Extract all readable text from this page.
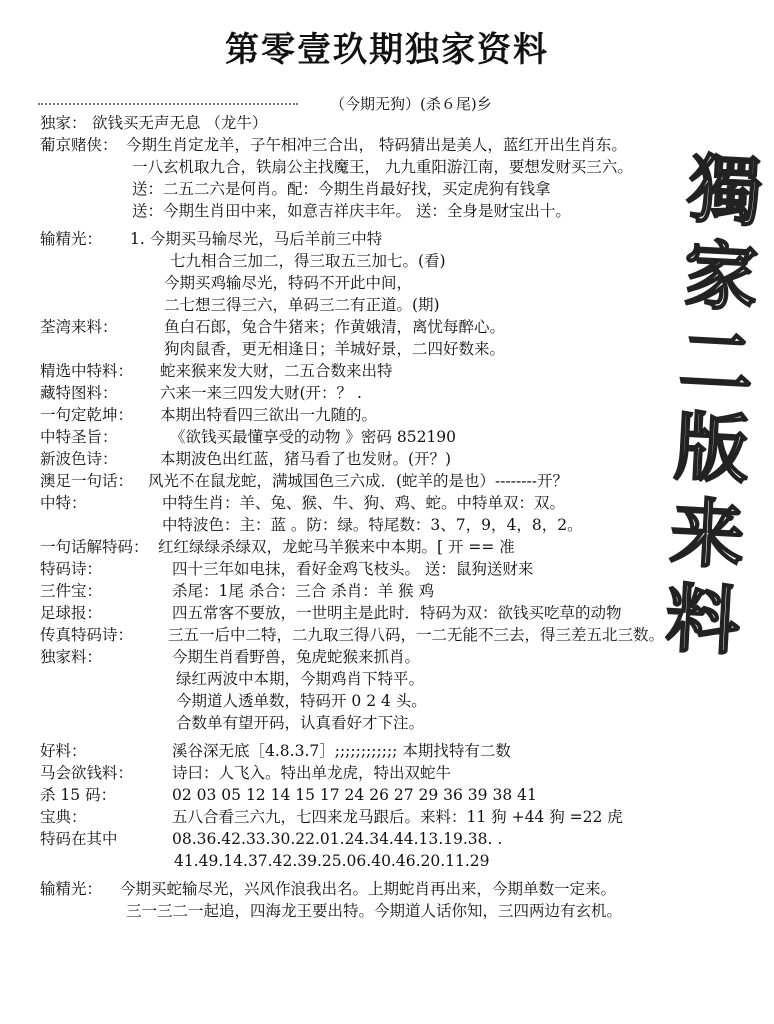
第零壹玖期独家资料
（今期无狗）(杀６尾)乡
独家： 欲钱买无声无息 （龙牛）
葡京赌侠： 今期生肖定龙羊，子午相冲三合出， 特码猜出是美人，蓝红开出生肖东。
一八玄机取九合，铁扇公主找魔王， 九九重阳游江南，要想发财买三六。
送：二五二六是何肖。配：今期生肖最好找，买定虎狗有钱拿
送：今期生肖田中来，如意吉祥庆丰年。 送：全身是财宝出十。
输精光： 1. 今期买马输尽光，马后羊前三中特
七九相合三加二，得三取五三加七。(看)
今期买鸡输尽光，特码不开此中间，
二七想三得三六，单码三二有正道。(期)
荃湾来料：	鱼白石郎，兔合牛猪来；作黄娥清，离忧每醉心。
狗肉鼠香，更无相逢日；羊城好景，二四好数来。
精选中特料： 蛇来猴来发大财，二五合数来出特
藏特图料：	六来一来三四发大财(开：？ .
一句定乾坤： 本期出特看四三欲出一九随的。
中特圣旨：	《欲钱买最懂享受的动物 》密码 852190
新波色诗：	本期波色出红蓝，猪马看了也发财。(开？)
澳足一句话： 风光不在鼠龙蛇，满城国色三六成．(蛇羊的是也）--------开？
中特：	中特生肖：羊、兔、猴、牛、狗、鸡、蛇。中特单双：双。
中特波色：主：蓝 。防：绿。特尾数：3、7，9，4，8，2。
一句话解特码： 红红绿绿杀绿双，龙蛇马羊猴来中本期。[ 开 == 准
特码诗：	四十三年如电抹，看好金鸡飞枝头。 送：鼠狗送财来
三件宝：	杀尾：1尾 杀合：三合 杀肖：羊 猴 鸡
足球报：	四五常客不要放，一世明主是此时．特码为双：欲钱买吃草的动物
传真特码诗： 三五一后中二特，二九取三得八码，一二无能不三去，得三差五北三数。
独家料：	今期生肖看野兽，兔虎蛇猴来抓肖。
绿红两波中本期，今期鸡肖下特平。
今期道人透单数，特码开 0 2 4 头。
合数单有望开码，认真看好才下注。
好料：	溪谷深无底［4.8.3.7］;;;;;;;;;;;; 本期找特有二数
马会欲钱料：	诗曰：人飞入。特出单龙虎，特出双蛇牛
杀 15 码：	02 03 05 12 14 15 17 24 26 27 29 36 39 38 41
宝典：	五八合看三六九，七四来龙马跟后。来料：11 狗 +44 狗 =22 虎
特码在其中	08.36.42.33.30.22.01.24.34.44.13.19.38. .
41.49.14.37.42.39.25.06.40.46.20.11.29
输精光： 今期买蛇输尽光，兴风作浪我出名。上期蛇肖再出来，今期单数一定来。
三一三二一起追，四海龙王要出特。今期道人话你知，三四两边有玄机。
獨
家
二
版
来
料
